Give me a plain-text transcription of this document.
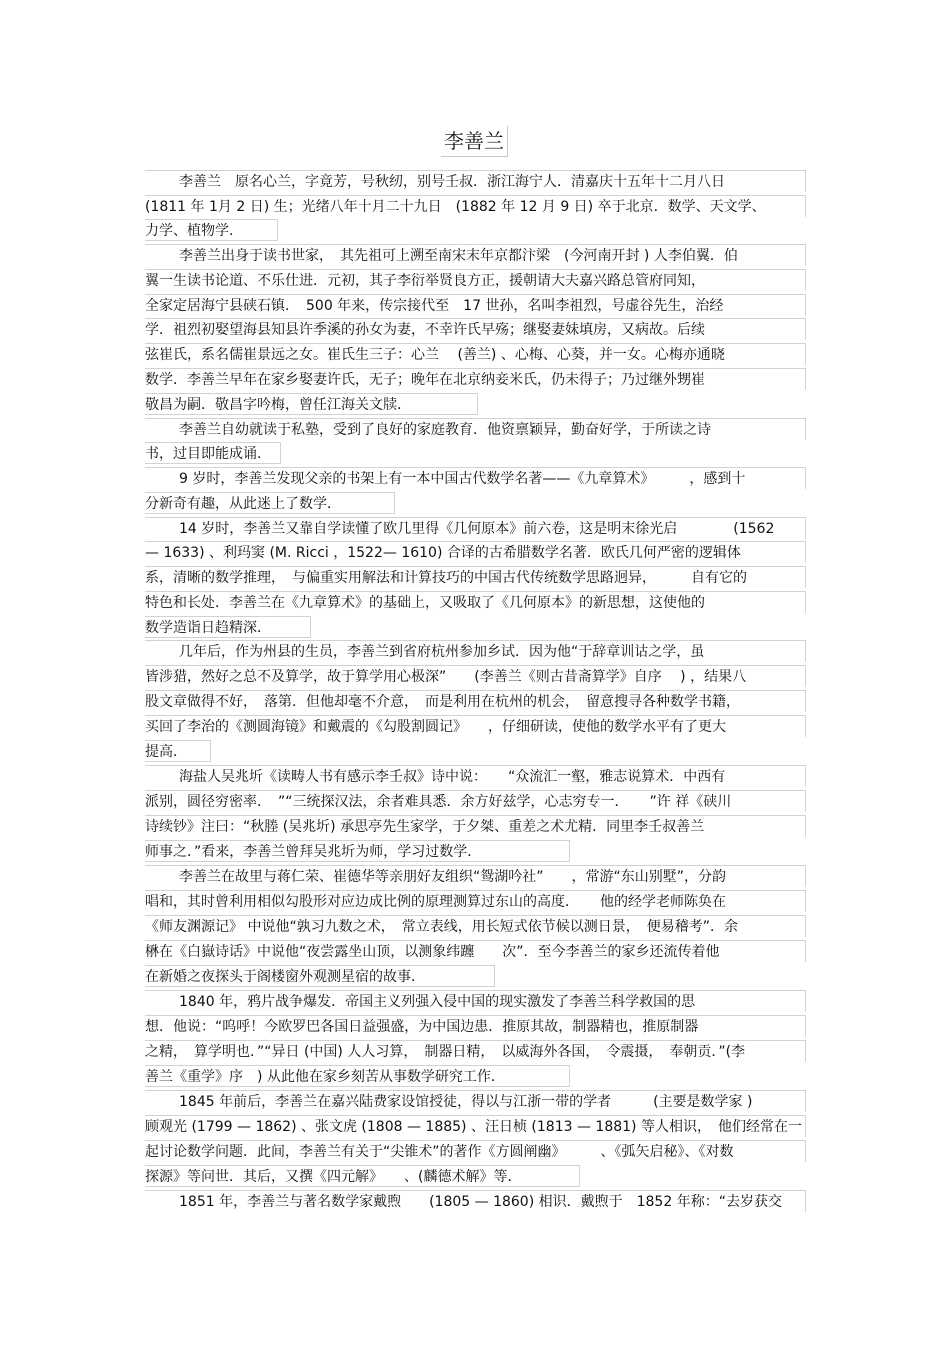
李善兰
李善兰　原名心兰，字竟芳，号秋纫，别号壬叔．浙江海宁人．清嘉庆十五年十二月八日
(1811 年 1月 2 日) 生；光绪八年十月二十九日　(1882 年 12 月 9 日) 卒于北京．数学、天文学、
力学、植物学．
李善兰出身于读书世家，　其先祖可上溯至南宋末年京都汴梁　(今河南开封 ) 人李伯翼．伯
翼一生读书论道、不乐仕进．元初，其子李衍举贤良方正，援朝请大夫嘉兴路总管府同知，
全家定居海宁县硖石镇．　500 年来，传宗接代至　17 世孙，名叫李祖烈，号虚谷先生，治经
学．祖烈初娶望海县知县许季溪的孙女为妻，不幸许氏早殇；继娶妻妹填房，又病故。后续
弦崔氏，系名儒崔景远之女。崔氏生三子：心兰　 (善兰) 、心梅、心葵，并一女。心梅亦通晓
数学．李善兰早年在家乡娶妻许氏，无子；晚年在北京纳妾米氏，仍未得子；乃过继外甥崔
敬昌为嗣．敬昌字吟梅，曾任江海关文牍．
李善兰自幼就读于私塾，受到了良好的家庭教育．他资禀颖异，勤奋好学，于所读之诗
书，过目即能成诵．
9 岁时，李善兰发现父亲的书架上有一本中国古代数学名著——《九章算术》　　　，感到十
分新奇有趣，从此迷上了数学．
14 岁时，李善兰又靠自学读懂了欧几里得《几何原本》前六卷，这是明末徐光启　　　　(1562
— 1633) 、利玛窦 (M. Ricci ，1522— 1610) 合译的古希腊数学名著．欧氏几何严密的逻辑体
系，清晰的数学推理，　与偏重实用解法和计算技巧的中国古代传统数学思路迥异，　　　自有它的
特色和长处．李善兰在《九章算术》的基础上，又吸取了《几何原本》的新思想，这使他的
数学造诣日趋精深．
几年后，作为州县的生员，李善兰到省府杭州参加乡试．因为他“于辞章训诂之学，虽
皆涉猎，然好之总不及算学，故于算学用心极深”　　(李善兰《则古昔斋算学》自序　 ) ，结果八
股文章做得不好，　落第．但他却毫不介意，　而是利用在杭州的机会，　留意搜寻各种数学书籍，
买回了李治的《测圆海镜》和戴震的《勾股割圆记》　　，仔细研读，使他的数学水平有了更大
提高．
海盐人吴兆圻《读畴人书有感示李壬叔》诗中说：　　“众流汇一壑，雅志说算术．中西有
派别，圆径穷密率．　”“三统探汉法，余者难具悉．余方好兹学，心志穷专一．　　”许 祥《硖川
诗续钞》注曰：“秋塍 (吴兆圻) 承思亭先生家学，于夕桀、重差之术尤精．同里李壬叔善兰
师事之．”看来，李善兰曾拜吴兆圻为师，学习过数学．
李善兰在故里与蒋仁荣、崔德华等亲朋好友组织“鸳湖吟社”　　，常游“东山别墅”，分韵
唱和，其时曾利用相似勾股形对应边成比例的原理测算过东山的高度．　　他的经学老师陈奂在
《师友渊源记》 中说他“孰习九数之术，　常立表线，用长短式依节候以测日景，　便易稽考”．余
楙在《白嶽诗话》中说他“夜尝露坐山顶，以测象纬躔　　次”．至今李善兰的家乡还流传着他
在新婚之夜探头于阁楼窗外观测星宿的故事．
1840 年，鸦片战争爆发．帝国主义列强入侵中国的现实激发了李善兰科学救国的思
想．他说：“呜呼！今欧罗巴各国日益强盛，为中国边患．推原其故，制器精也，推原制器
之精，　算学明也．”“异日 (中国) 人人习算，　制器日精，　以威海外各国，　令震摄，　奉朝贡．”(李
善兰《重学》序　) 从此他在家乡刻苦从事数学研究工作．
1845 年前后，李善兰在嘉兴陆费家设馆授徒，得以与江浙一带的学者　　　(主要是数学家 )
顾观光 (1799 — 1862) 、张文虎 (1808 — 1885) 、汪日桢 (1813 — 1881) 等人相识，　他们经常在一
起讨论数学问题．此间，李善兰有关于“尖锥术”的著作《方圆阐幽》　　　、《弧矢启秘》、《对数
探源》等问世．其后，又撰《四元解》　　、(麟德术解》等．
1851 年，李善兰与著名数学家戴煦　　(1805 — 1860) 相识．戴煦于　1852 年称：“去岁获交
